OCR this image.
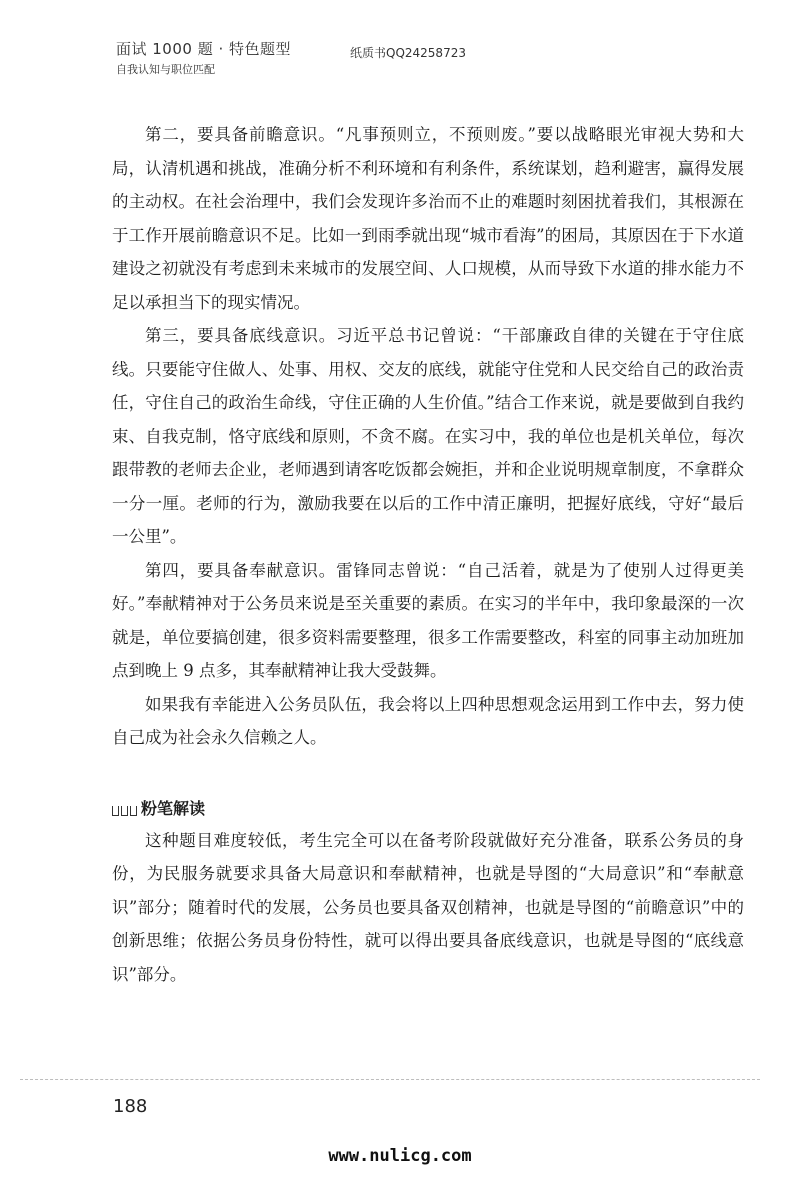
面试 1000 题 · 特色题型
自我认知与职位匹配
纸质书QQ24258723

第二，要具备前瞻意识。“凡事预则立，不预则废。”要以战略眼光审视大势和大局，认清机遇和挑战，准确分析不利环境和有利条件，系统谋划，趋利避害，赢得发展的主动权。在社会治理中，我们会发现许多治而不止的难题时刻困扰着我们，其根源在于工作开展前瞻意识不足。比如一到雨季就出现“城市看海”的困局，其原因在于下水道建设之初就没有考虑到未来城市的发展空间、人口规模，从而导致下水道的排水能力不足以承担当下的现实情况。

第三，要具备底线意识。习近平总书记曾说：“干部廉政自律的关键在于守住底线。只要能守住做人、处事、用权、交友的底线，就能守住党和人民交给自己的政治责任，守住自己的政治生命线，守住正确的人生价值。”结合工作来说，就是要做到自我约束、自我克制，恪守底线和原则，不贪不腐。在实习中，我的单位也是机关单位，每次跟带教的老师去企业，老师遇到请客吃饭都会婉拒，并和企业说明规章制度，不拿群众一分一厘。老师的行为，激励我要在以后的工作中清正廉明，把握好底线，守好“最后一公里”。

第四，要具备奉献意识。雷锋同志曾说：“自己活着，就是为了使别人过得更美好。”奉献精神对于公务员来说是至关重要的素质。在实习的半年中，我印象最深的一次就是，单位要搞创建，很多资料需要整理，很多工作需要整改，科室的同事主动加班加点到晚上 9 点多，其奉献精神让我大受鼓舞。

如果我有幸能进入公务员队伍，我会将以上四种思想观念运用到工作中去，努力使自己成为社会永久信赖之人。

粉笔解读

这种题目难度较低，考生完全可以在备考阶段就做好充分准备，联系公务员的身份，为民服务就要求具备大局意识和奉献精神，也就是导图的“大局意识”和“奉献意识”部分；随着时代的发展，公务员也要具备双创精神，也就是导图的“前瞻意识”中的创新思维；依据公务员身份特性，就可以得出要具备底线意识，也就是导图的“底线意识”部分。

188
www.nulicg.com
